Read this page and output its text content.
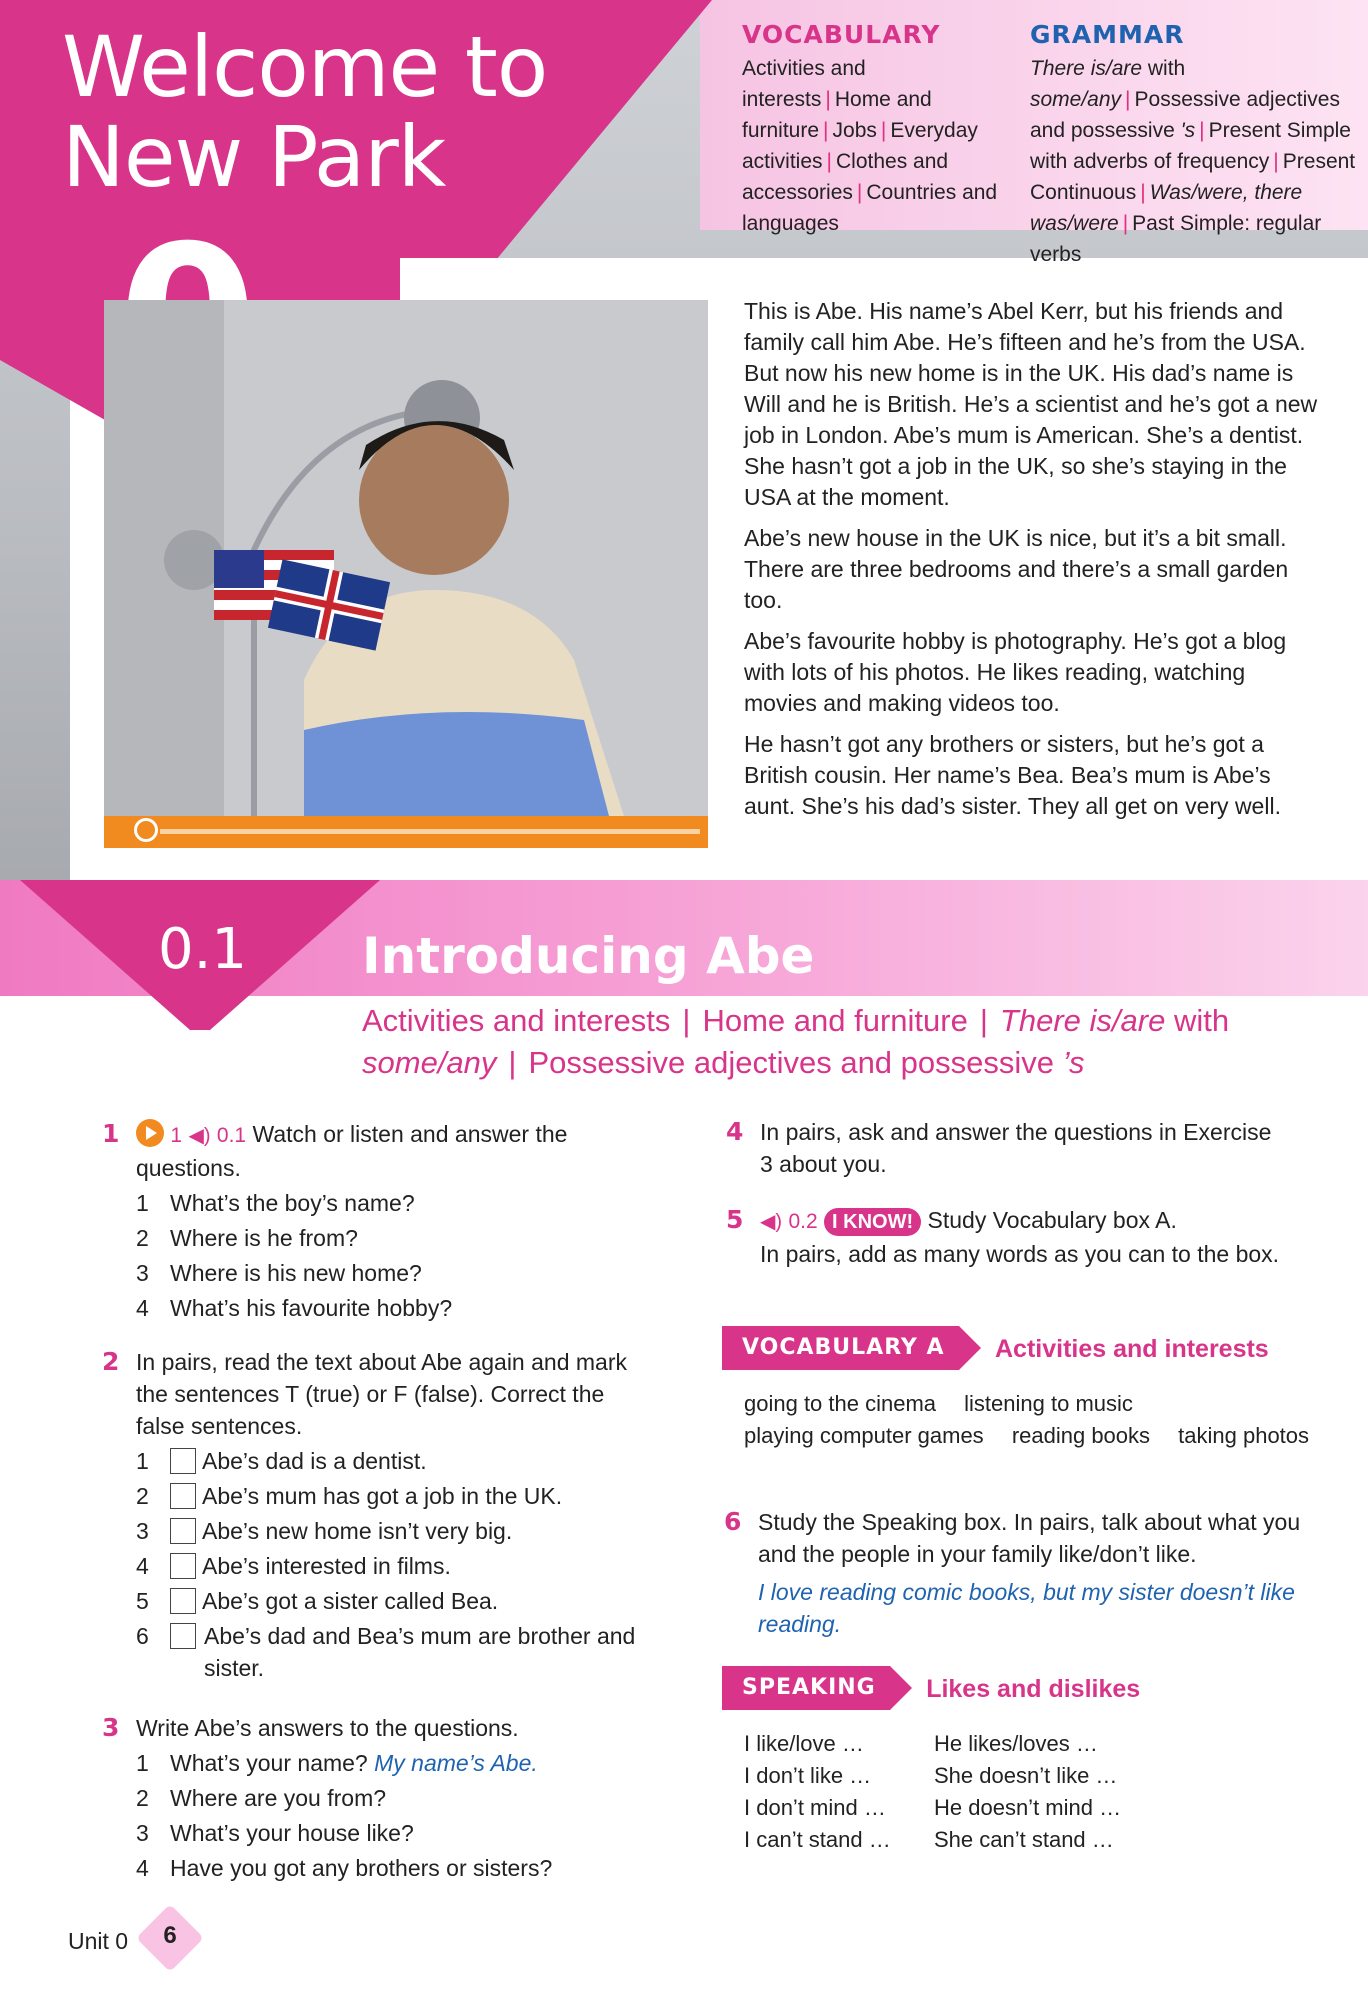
Welcome to
New Park
VOCABULARY
Activities and interests | Home and furniture | Jobs | Everyday activities | Clothes and accessories | Countries and languages
GRAMMAR
There is/are with some/any | Possessive adjectives and possessive 's | Present Simple with adverbs of frequency | Present Continuous | Was/were, there was/were | Past Simple: regular verbs

This is Abe. His name’s Abel Kerr, but his friends and family call him Abe. He’s fifteen and he’s from the USA. But now his new home is in the UK. His dad’s name is Will and he is British. He’s a scientist and he’s got a new job in London. Abe’s mum is American. She’s a dentist. She hasn’t got a job in the UK, so she’s staying in the USA at the moment.

Abe’s new house in the UK is nice, but it’s a bit small. There are three bedrooms and there’s a small garden too.

Abe’s favourite hobby is photography. He’s got a blog with lots of his photos. He likes reading, watching movies and making videos too.

He hasn’t got any brothers or sisters, but he’s got a British cousin. Her name’s Bea. Bea’s mum is Abe’s aunt. She’s his dad’s sister. They all get on very well.

0.1 Introducing Abe
Activities and interests | Home and furniture | There is/are with
some/any | Possessive adjectives and possessive ’s
1 1 ◀) 0.1 Watch or listen and answer the questions.
1 What’s the boy’s name?
2 Where is he from?
3 Where is his new home?
4 What’s his favourite hobby?
2 In pairs, read the text about Abe again and mark the sentences T (true) or F (false). Correct the false sentences.
1 Abe’s dad is a dentist.
2 Abe’s mum has got a job in the UK.
3 Abe’s new home isn’t very big.
4 Abe’s interested in films.
5 Abe’s got a sister called Bea.
6 Abe’s dad and Bea’s mum are brother and sister.
3 Write Abe’s answers to the questions.
1 What’s your name? My name’s Abe.
2 Where are you from?
3 What’s your house like?
4 Have you got any brothers or sisters?
4 In pairs, ask and answer the questions in Exercise 3 about you.
5 ◀) 0.2 I KNOW! Study Vocabulary box A.
In pairs, add as many words as you can to the box.
VOCABULARY A Activities and interests
going to the cinema listening to music
playing computer games reading books taking photos
6 Study the Speaking box. In pairs, talk about what you and the people in your family like/don’t like.
I love reading comic books, but my sister doesn’t like reading.
SPEAKING Likes and dislikes
I like/love …
I don’t like …
I don’t mind …
I can’t stand …
He likes/loves …
She doesn’t like …
He doesn’t mind …
She can’t stand …
Unit 0	6
